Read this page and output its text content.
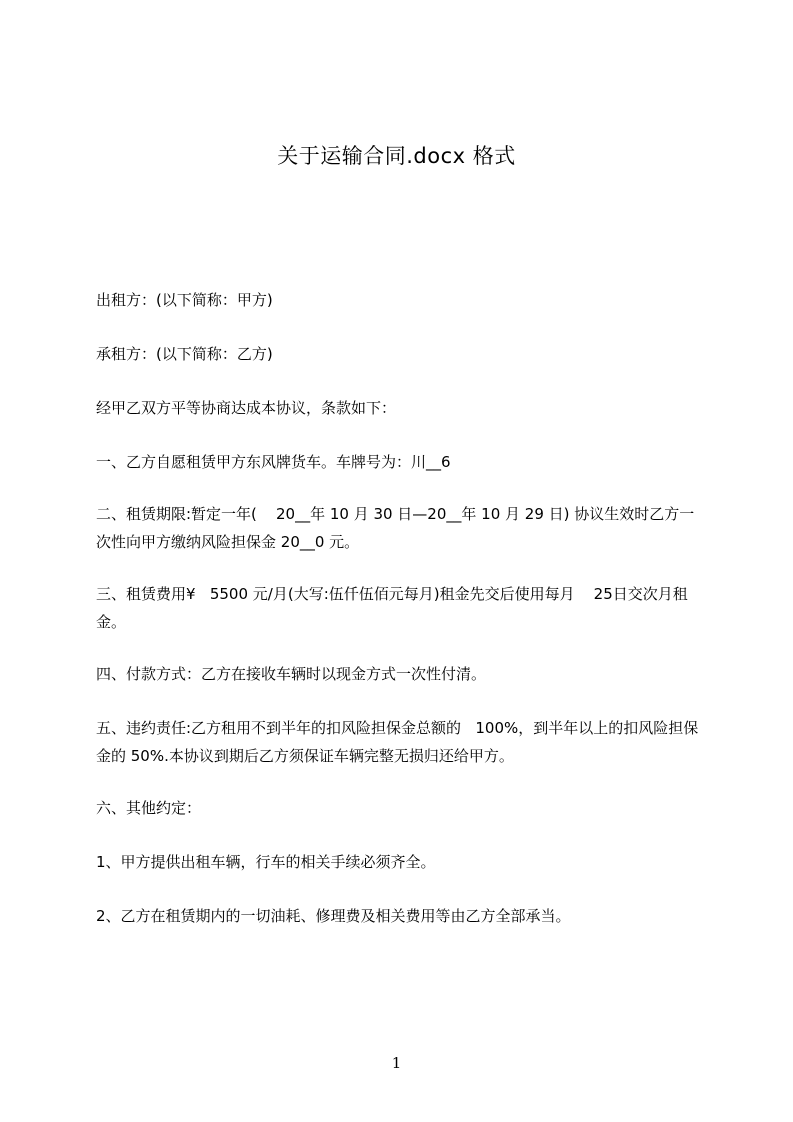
关于运输合同.docx 格式

出租方：(以下简称：甲方)

承租方：(以下简称：乙方)

经甲乙双方平等协商达成本协议，条款如下：

一、乙方自愿租赁甲方东风牌货车。车牌号为：川__6

二、租赁期限:暂定一年(    20__年 10 月 30 日—20__年 10 月 29 日) 协议生效时乙方一次性向甲方缴纳风险担保金 20__0 元。

三、租赁费用¥   5500 元/月(大写:伍仟伍佰元每月)租金先交后使用每月    25日交次月租金。

四、付款方式：乙方在接收车辆时以现金方式一次性付清。

五、违约责任:乙方租用不到半年的扣风险担保金总额的   100%，到半年以上的扣风险担保金的 50%.本协议到期后乙方须保证车辆完整无损归还给甲方。

六、其他约定：

1、甲方提供出租车辆，行车的相关手续必须齐全。

2、乙方在租赁期内的一切油耗、修理费及相关费用等由乙方全部承当。

1
